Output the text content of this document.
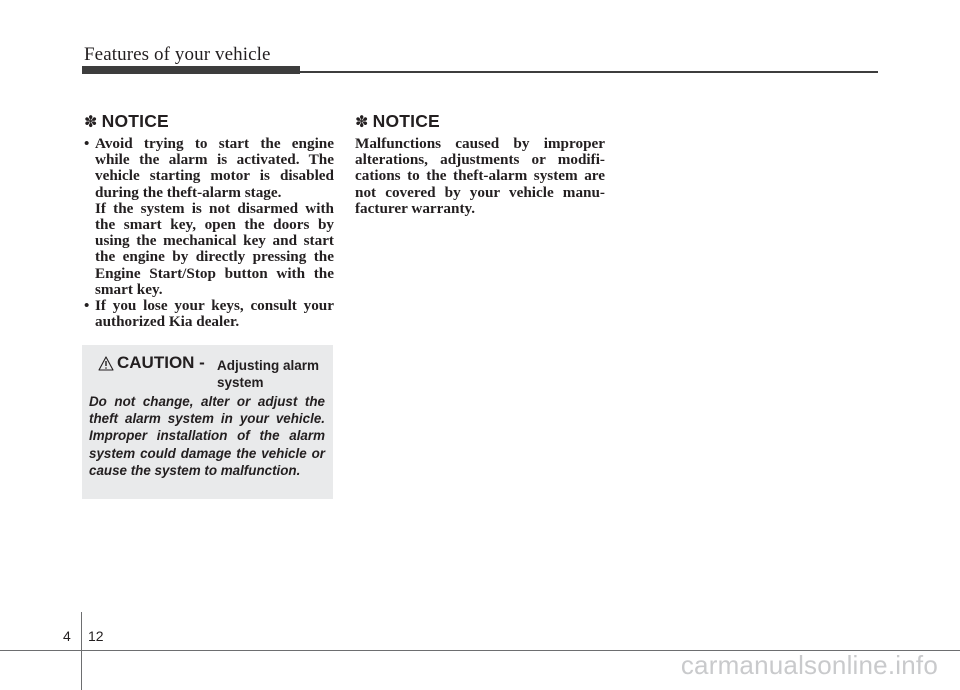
Features of your vehicle
✽ NOTICE
• Avoid trying to start the engine while the alarm is activated. The vehicle starting motor is disabled during the theft-alarm stage.
If the system is not disarmed with the smart key, open the doors by using the mechanical key and start the engine by directly pressing the Engine Start/Stop button with the smart key.
• If you lose your keys, consult your authorized Kia dealer.
✽ NOTICE
Malfunctions caused by improper alterations, adjustments or modifi-cations to the theft-alarm system are not covered by your vehicle manu-facturer warranty.
CAUTION - Adjusting alarm system
Do not change, alter or adjust the theft alarm system in your vehicle. Improper installation of the alarm system could damage the vehicle or cause the system to malfunction.
4 12
carmanualsonline.info
